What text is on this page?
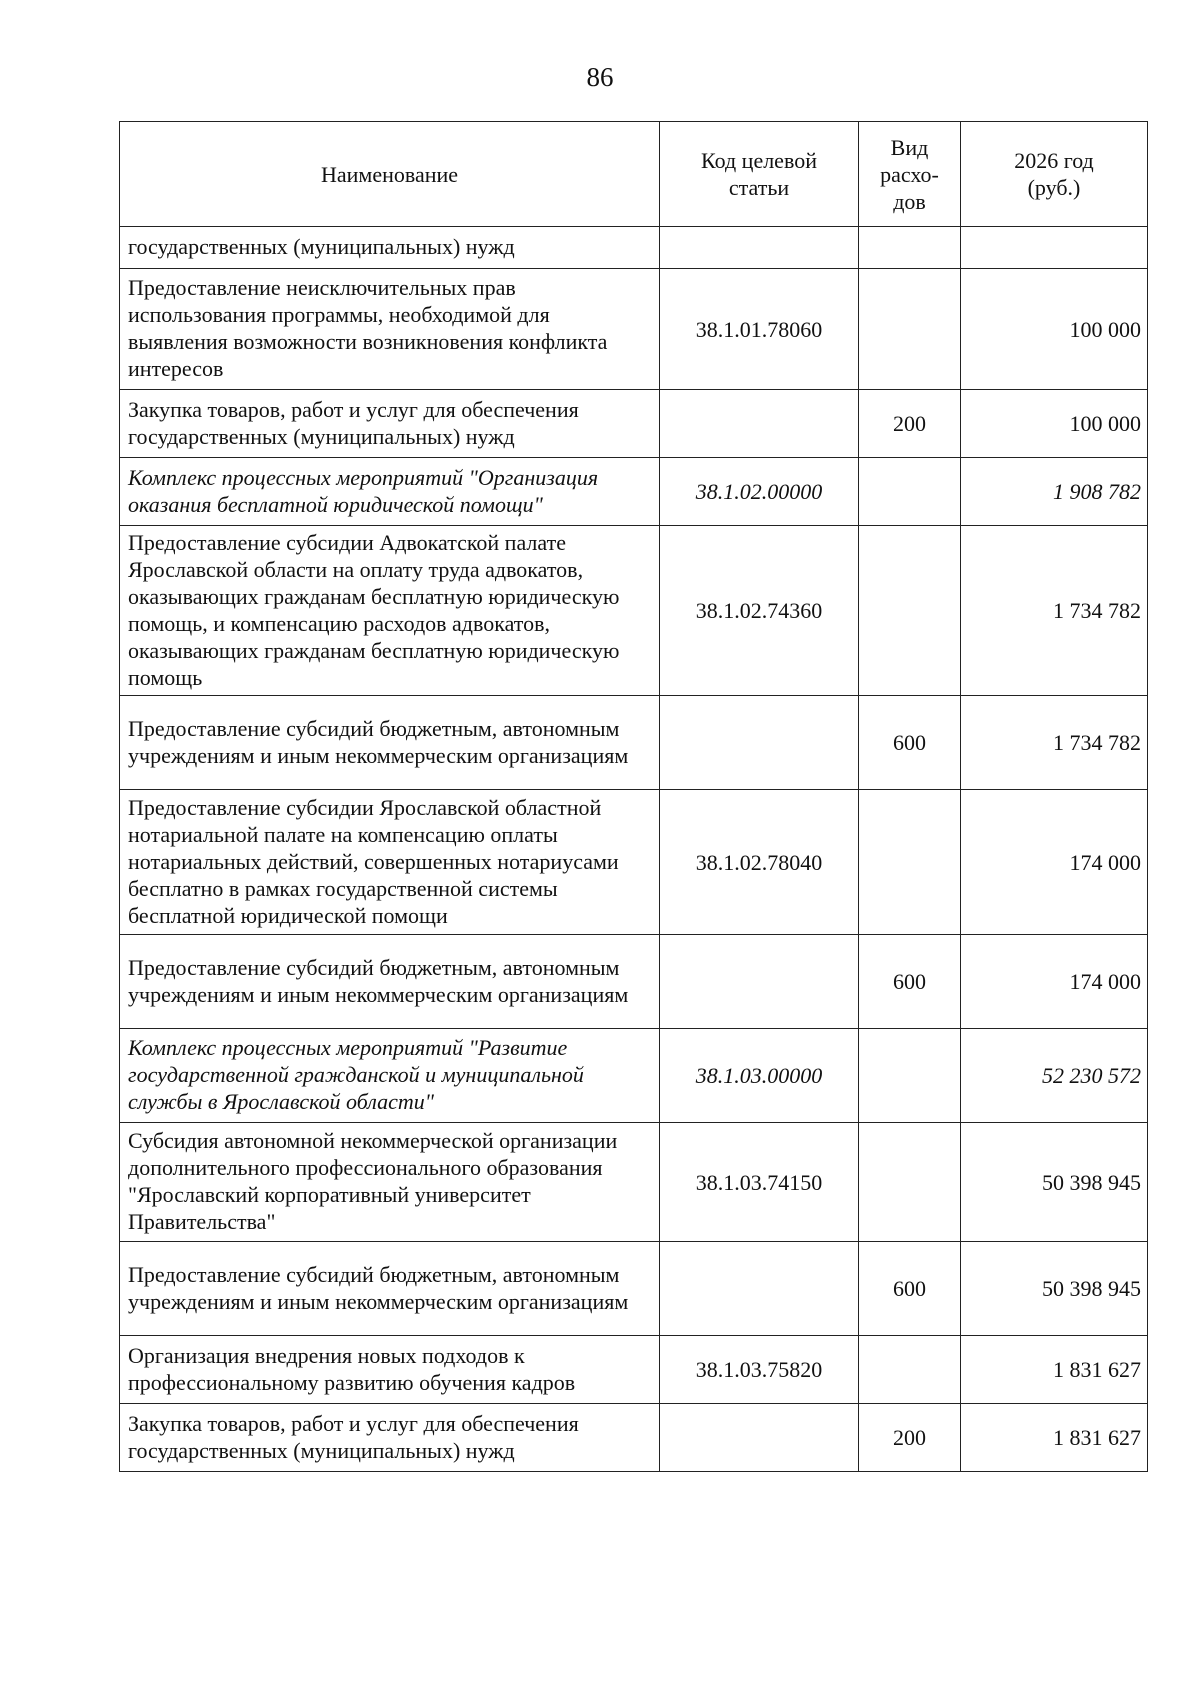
86
Наименование	Код целевой статьи	Вид расхо-дов	2026 год (руб.)

государственных (муниципальных) нужд			
Предоставление неисключительных прав использования программы, необходимой для выявления возможности возникновения конфликта интересов	38.1.01.78060		100 000
Закупка товаров, работ и услуг для обеспечения государственных (муниципальных) нужд		200	100 000
Комплекс процессных мероприятий "Организация оказания бесплатной юридической помощи"	38.1.02.00000		1 908 782
Предоставление субсидии Адвокатской палате Ярославской области на оплату труда адвокатов, оказывающих гражданам бесплатную юридическую помощь, и компенсацию расходов адвокатов, оказывающих гражданам бесплатную юридическую помощь	38.1.02.74360		1 734 782
Предоставление субсидий бюджетным, автономным учреждениям и иным некоммерческим организациям		600	1 734 782
Предоставление субсидии Ярославской областной нотариальной палате на компенсацию оплаты нотариальных действий, совершенных нотариусами бесплатно в рамках государственной системы бесплатной юридической помощи	38.1.02.78040		174 000
Предоставление субсидий бюджетным, автономным учреждениям и иным некоммерческим организациям		600	174 000
Комплекс процессных мероприятий "Развитие государственной гражданской и муниципальной службы в Ярославской области"	38.1.03.00000		52 230 572
Субсидия автономной некоммерческой организации дополнительного профессионального образования "Ярославский корпоративный университет Правительства"	38.1.03.74150		50 398 945
Предоставление субсидий бюджетным, автономным учреждениям и иным некоммерческим организациям		600	50 398 945
Организация внедрения новых подходов к профессиональному развитию обучения кадров	38.1.03.75820		1 831 627
Закупка товаров, работ и услуг для обеспечения государственных (муниципальных) нужд		200	1 831 627
